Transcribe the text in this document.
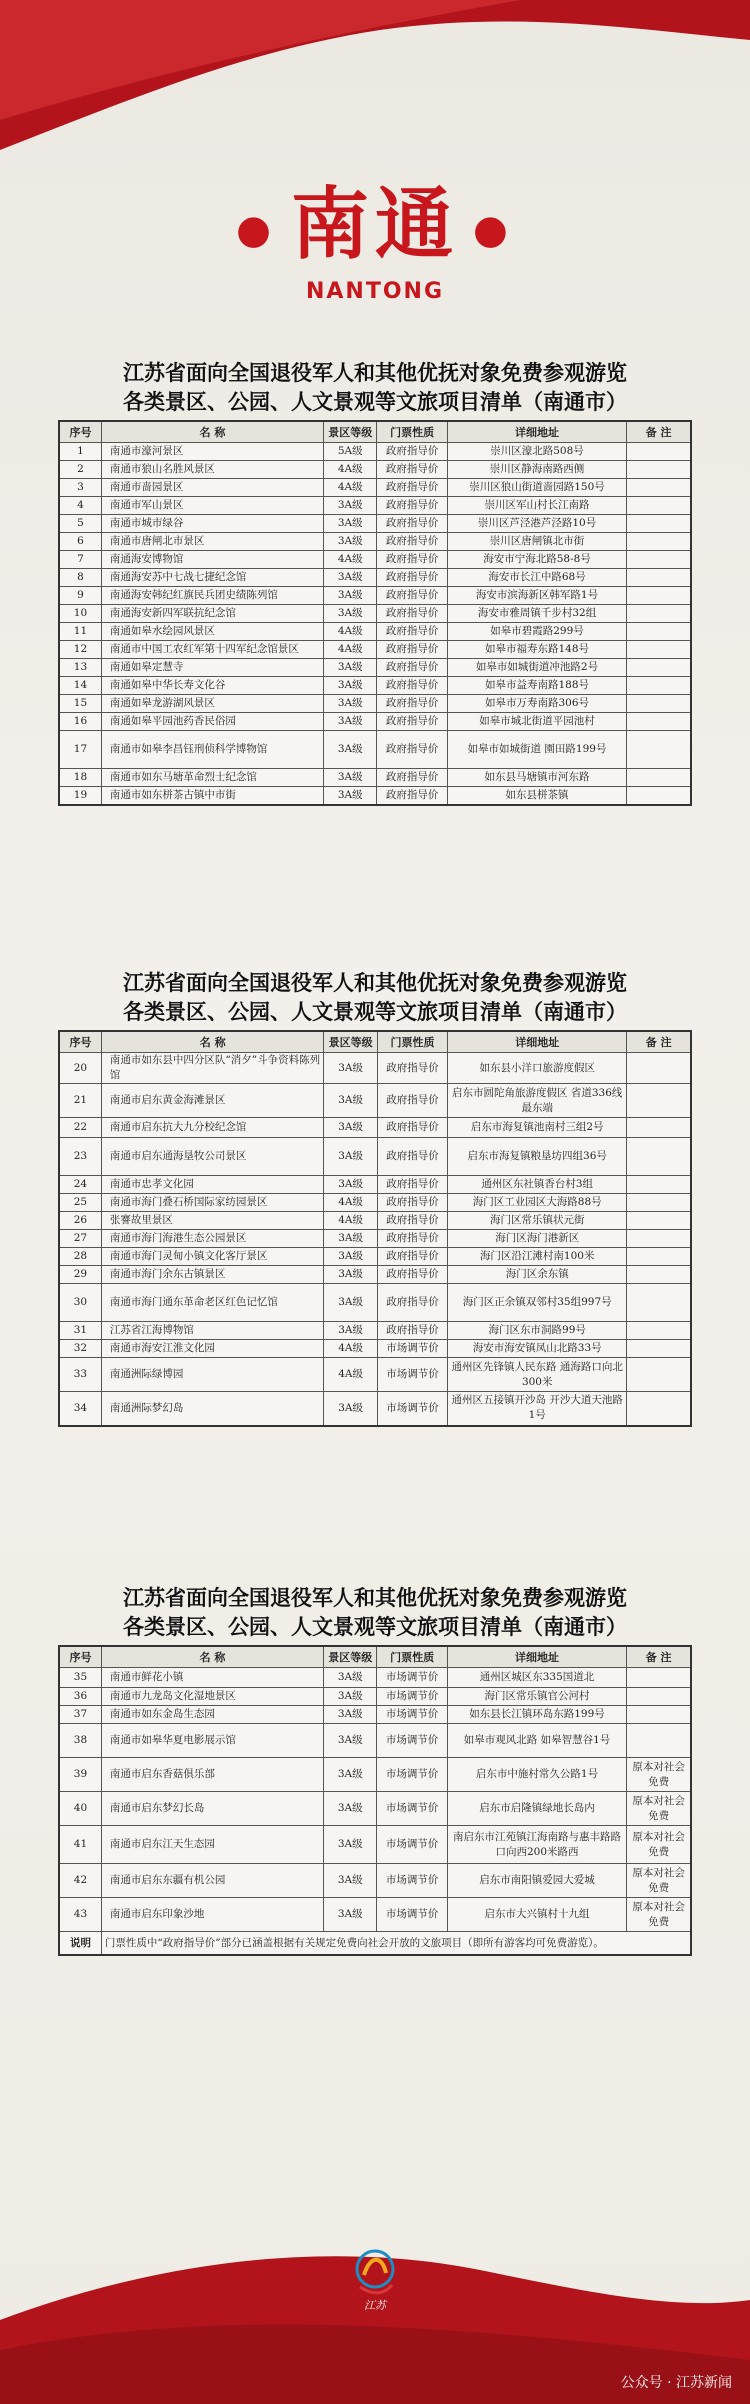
● 南通 ●
NANTONG
江苏省面向全国退役军人和其他优抚对象免费参观游览
各类景区、公园、人文景观等文旅项目清单（南通市）
序号	名 称	景区等级	门票性质	详细地址	备 注
1	南通市濠河景区	5A级	政府指导价	崇川区濠北路508号	
2	南通市狼山名胜风景区	4A级	政府指导价	崇川区静海南路西侧	
3	南通市啬园景区	4A级	政府指导价	崇川区狼山街道啬园路150号	
4	南通市军山景区	3A级	政府指导价	崇川区军山村长江南路	
5	南通市城市绿谷	3A级	政府指导价	崇川区芦泾港芦泾路10号	
6	南通市唐闸北市景区	3A级	政府指导价	崇川区唐闸镇北市街	
7	南通海安博物馆	4A级	政府指导价	海安市宁海北路58-8号	
8	南通海安苏中七战七捷纪念馆	3A级	政府指导价	海安市长江中路68号	
9	南通海安韩纪红旗民兵团史绩陈列馆	3A级	政府指导价	海安市滨海新区韩军路1号	
10	南通海安新四军联抗纪念馆	3A级	政府指导价	海安市雅周镇千步村32组	
11	南通如皋水绘园风景区	4A级	政府指导价	如皋市碧霞路299号	
12	南通市中国工农红军第十四军纪念馆景区	4A级	政府指导价	如皋市福寿东路148号	
13	南通如皋定慧寺	3A级	政府指导价	如皋市如城街道冲池路2号	
14	南通如皋中华长寿文化谷	3A级	政府指导价	如皋市益寿南路188号	
15	南通如皋龙游湖风景区	3A级	政府指导价	如皋市万寿南路306号	
16	南通如皋平园池药香民俗园	3A级	政府指导价	如皋市城北街道平园池村	
17	南通市如皋李昌钰刑侦科学博物馆	3A级	政府指导价	如皋市如城街道 園田路199号	
18	南通市如东马塘革命烈士纪念馆	3A级	政府指导价	如东县马塘镇市河东路	
19	南通市如东栟茶古镇中市街	3A级	政府指导价	如东县栟茶镇	
江苏省面向全国退役军人和其他优抚对象免费参观游览
各类景区、公园、人文景观等文旅项目清单（南通市）
序号	名 称	景区等级	门票性质	详细地址	备 注
20	南通市如东县中四分区队“消夕”斗争资料陈列馆	3A级	政府指导价	如东县小洋口旅游度假区	
21	南通市启东黄金海滩景区	3A级	政府指导价	启东市圆陀角旅游度假区 省道336线最东端	
22	南通市启东抗大九分校纪念馆	3A级	政府指导价	启东市海复镇池南村三组2号	
23	南通市启东通海垦牧公司景区	3A级	政府指导价	启东市海复镇粮垦坊四组36号	
24	南通市忠孝文化园	3A级	政府指导价	通州区东社镇香台村3组	
25	南通市海门叠石桥国际家纺园景区	4A级	政府指导价	海门区工业园区大海路88号	
26	张謇故里景区	4A级	政府指导价	海门区常乐镇状元街	
27	南通市海门海港生态公园景区	3A级	政府指导价	海门区海门港新区	
28	南通市海门灵甸小镇文化客厅景区	3A级	政府指导价	海门区沿江滩村南100米	
29	南通市海门余东古镇景区	3A级	政府指导价	海门区余东镇	
30	南通市海门通东革命老区红色记忆馆	3A级	政府指导价	海门区正余镇双邻村35组997号	
31	江苏省江海博物馆	3A级	政府指导价	海门区东市洞路99号	
32	南通市海安江淮文化园	4A级	市场调节价	海安市海安镇凤山北路33号	
33	南通洲际绿博园	4A级	市场调节价	通州区先锋镇人民东路 通海路口向北300米	
34	南通洲际梦幻岛	3A级	市场调节价	通州区五接镇开沙岛 开沙大道天池路1号	
江苏省面向全国退役军人和其他优抚对象免费参观游览
各类景区、公园、人文景观等文旅项目清单（南通市）
序号	名 称	景区等级	门票性质	详细地址	备 注
35	南通市鲜花小镇	3A级	市场调节价	通州区城区东335国道北	
36	南通市九龙岛文化湿地景区	3A级	市场调节价	海门区常乐镇官公河村	
37	南通市如东金岛生态园	3A级	市场调节价	如东县长江镇环岛东路199号	
38	南通市如皋华夏电影展示馆	3A级	市场调节价	如皋市观风北路 如皋智慧谷1号	
39	南通市启东香菇俱乐部	3A级	市场调节价	启东市中施村常久公路1号	原本对社会免费
40	南通市启东梦幻长岛	3A级	市场调节价	启东市启隆镇绿地长岛内	原本对社会免费
41	南通市启东江天生态园	3A级	市场调节价	南启东市江苑镇江海南路与惠丰路路口向西200米路西	原本对社会免费
42	南通市启东东疆有机公园	3A级	市场调节价	启东市南阳镇爱园大爱城	原本对社会免费
43	南通市启东印象沙地	3A级	市场调节价	启东市大兴镇村十九组	原本对社会免费
说明	门票性质中“政府指导价”部分已涵盖根据有关规定免费向社会开放的文旅项目（即所有游客均可免费游览）。				
江苏
公众号 · 江苏新闻
